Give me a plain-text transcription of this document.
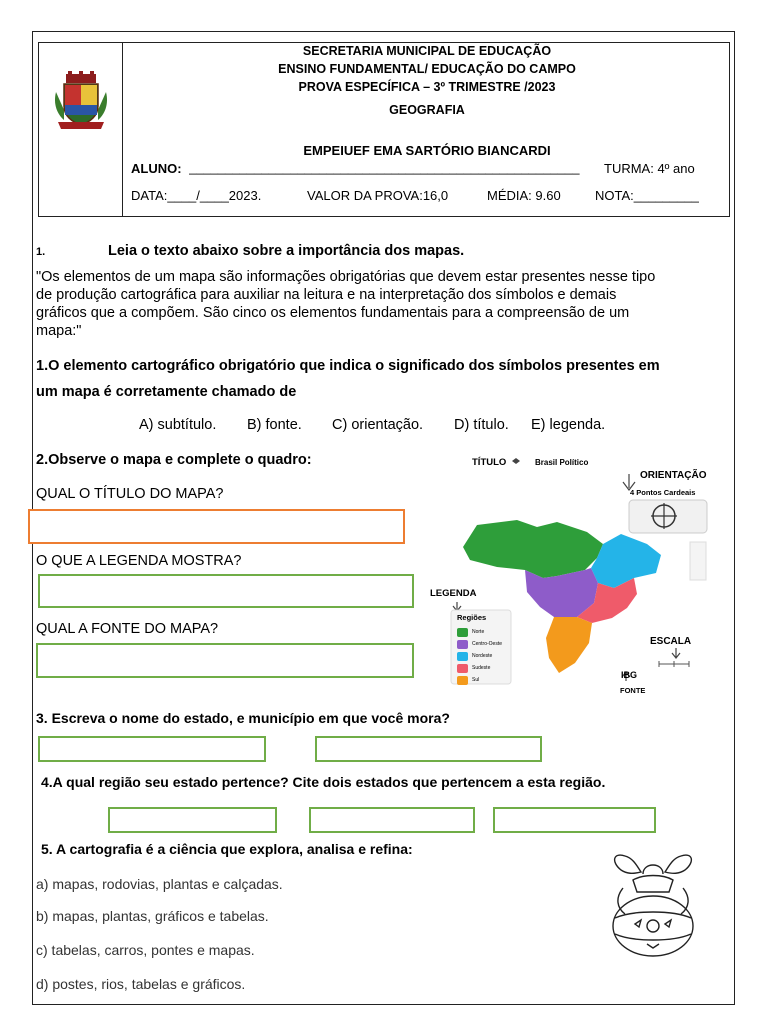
SECRETARIA MUNICIPAL DE EDUCAÇÃO
ENSINO FUNDAMENTAL/ EDUCAÇÃO DO CAMPO
PROVA ESPECÍFICA – 3º TRIMESTRE /2023
GEOGRAFIA
EMPEIUEF EMA SARTÓRIO BIANCARDI
ALUNO: ______________________________________________________	TURMA: 4º ano
DATA:____/____2023.	VALOR DA PROVA:16,0	MÉDIA: 9.60	NOTA:_________
1.	Leia o texto abaixo sobre a importância dos mapas.
"Os elementos de um mapa são informações obrigatórias que devem estar presentes nesse tipo
de produção cartográfica para auxiliar na leitura e na interpretação dos símbolos e demais
gráficos que a compõem. São cinco os elementos fundamentais para a compreensão de um
mapa:"
1.O elemento cartográfico obrigatório que indica o significado dos símbolos presentes em
um mapa é corretamente chamado de
A) subtítulo. B) fonte. C) orientação. D) título. E) legenda.
2.Observe o mapa e complete o quadro:
QUAL O TÍTULO DO MAPA?
O QUE A LEGENDA MOSTRA?
QUAL A FONTE DO MAPA?
TÍTULO	Brasil Político
ORIENTAÇÃO
4 Pontos Cardeais
LEGENDA
Regiões
Norte
Centro-Oeste
Nordeste
Sudeste
Sul
ESCALA
IBG
FONTE
3. Escreva o nome do estado, e município em que você mora?
4.A qual região seu estado pertence? Cite dois estados que pertencem a esta região.
5. A cartografia é a ciência que explora, analisa e refina:
a) mapas, rodovias, plantas e calçadas.
b) mapas, plantas, gráficos e tabelas.
c) tabelas, carros, pontes e mapas.
d) postes, rios, tabelas e gráficos.
